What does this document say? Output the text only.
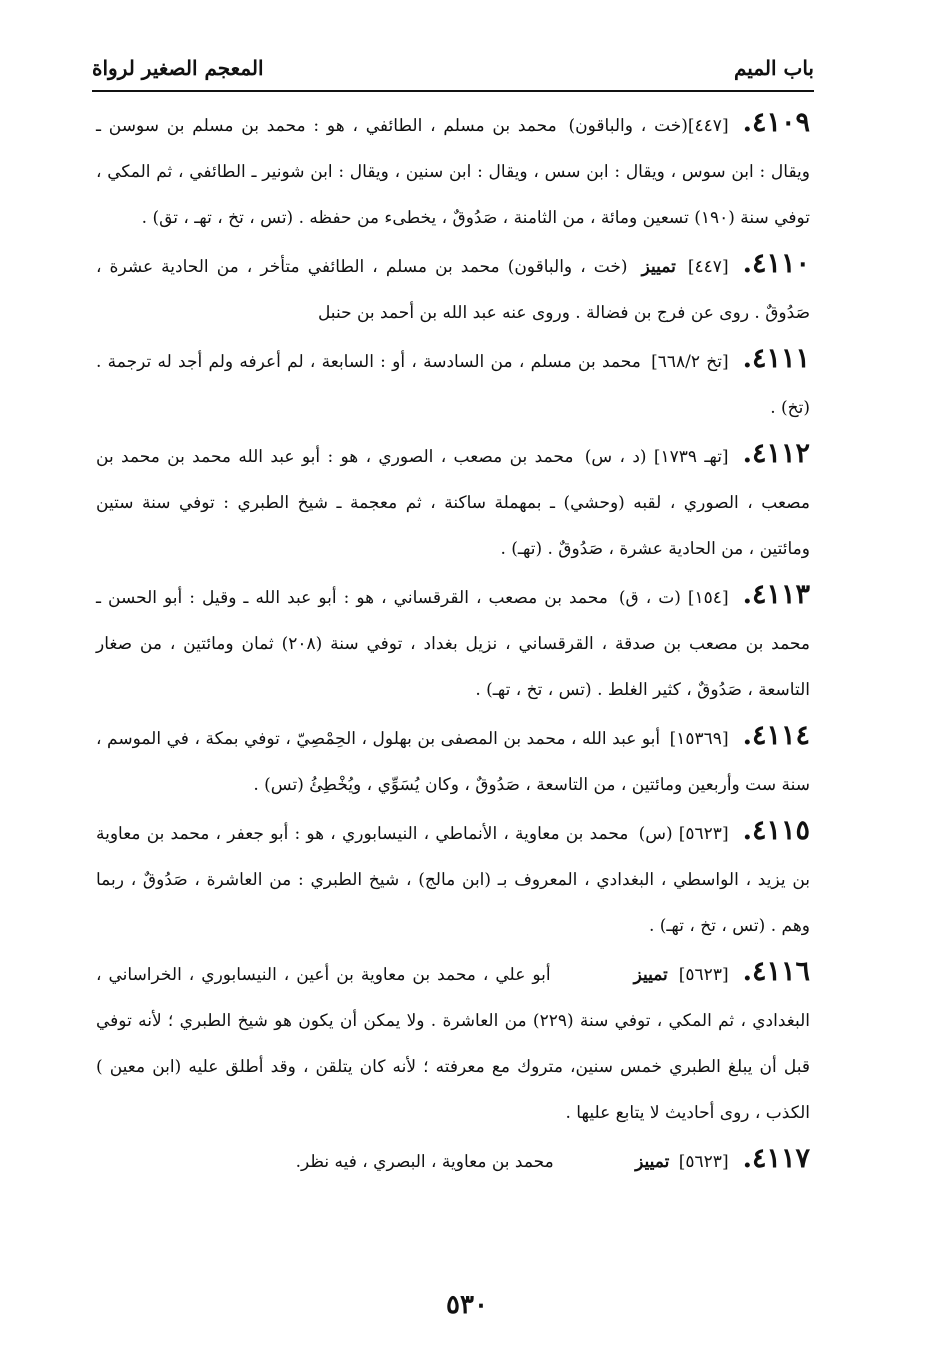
باب الميم
المعجم الصغير لرواة

٤١٠٩.[٤٤٧](خت ، والباقون) محمد بن مسلم ، الطائفي ، هو : محمد بن مسلم بن سوسن ـ ويقال : ابن سوس ، ويقال : ابن سس ، ويقال : ابن سنين ، ويقال : ابن شونير ـ الطائفي ، ثم المكي ، توفي سنة (١٩٠) تسعين ومائة ، من الثامنة ، صَدُوقٌ ، يخطىء من حفظه . (تس ، تخ ، تهـ ، تق) .

٤١١٠.[٤٤٧] تمييز (خت ، والباقون) محمد بن مسلم ، الطائفي متأخر ، من الحادية عشرة ، صَدُوقٌ . روى عن فرج بن فضالة . وروى عنه عبد الله بن أحمد بن حنبل

٤١١١.[تخ ٦٦٨/٢] محمد بن مسلم ، من السادسة ، أو : السابعة ، لم أعرفه ولم أجد له ترجمة . (تخ) .

٤١١٢.[تهـ ١٧٣٩] (د ، س) محمد بن مصعب ، الصوري ، هو : أبو عبد الله محمد بن محمد بن مصعب ، الصوري ، لقبه (وحشي) ـ بمهملة ساكنة ، ثم معجمة ـ شيخ الطبري : توفي سنة ستين ومائتين ، من الحادية عشرة ، صَدُوقٌ . (تهـ) .

٤١١٣.[١٥٤] (ت ، ق) محمد بن مصعب ، القرقساني ، هو : أبو عبد الله ـ وقيل : أبو الحسن ـ محمد بن مصعب بن صدقة ، القرقساني ، نزيل بغداد ، توفي سنة (٢٠٨) ثمان ومائتين ، من صغار التاسعة ، صَدُوقٌ ، كثير الغلط . (تس ، تخ ، تهـ) .

٤١١٤.[١٥٣٦٩] أبو عبد الله ، محمد بن المصفى بن بهلول ، الحِمْصِيّ ، توفي بمكة ، في الموسم ، سنة ست وأربعين ومائتين ، من التاسعة ، صَدُوقٌ ، وكان يُسَوِّي ، ويُخْطِئُ (تس) .

٤١١٥.[٥٦٢٣] (س) محمد بن معاوية ، الأنماطي ، النيسابوري ، هو : أبو جعفر ، محمد بن معاوية بن يزيد ، الواسطي ، البغدادي ، المعروف بـ (ابن مالج) ، شيخ الطبري : من العاشرة ، صَدُوقٌ ، ربما وهم . (تس ، تخ ، تهـ) .

٤١١٦.[٥٦٢٣] تمييز أبو علي ، محمد بن معاوية بن أعين ، النيسابوري ، الخراساني ، البغدادي ، ثم المكي ، توفي سنة (٢٢٩) من العاشرة . ولا يمكن أن يكون هو شيخ الطبري ؛ لأنه توفي قبل أن يبلغ الطبري خمس سنين، متروك مع معرفته ؛ لأنه كان يتلقن ، وقد أطلق عليه (ابن معين ) الكذب ، روى أحاديث لا يتابع عليها .

٤١١٧.[٥٦٢٣] تمييز محمد بن معاوية ، البصري ، فيه نظر.

٥٣٠
